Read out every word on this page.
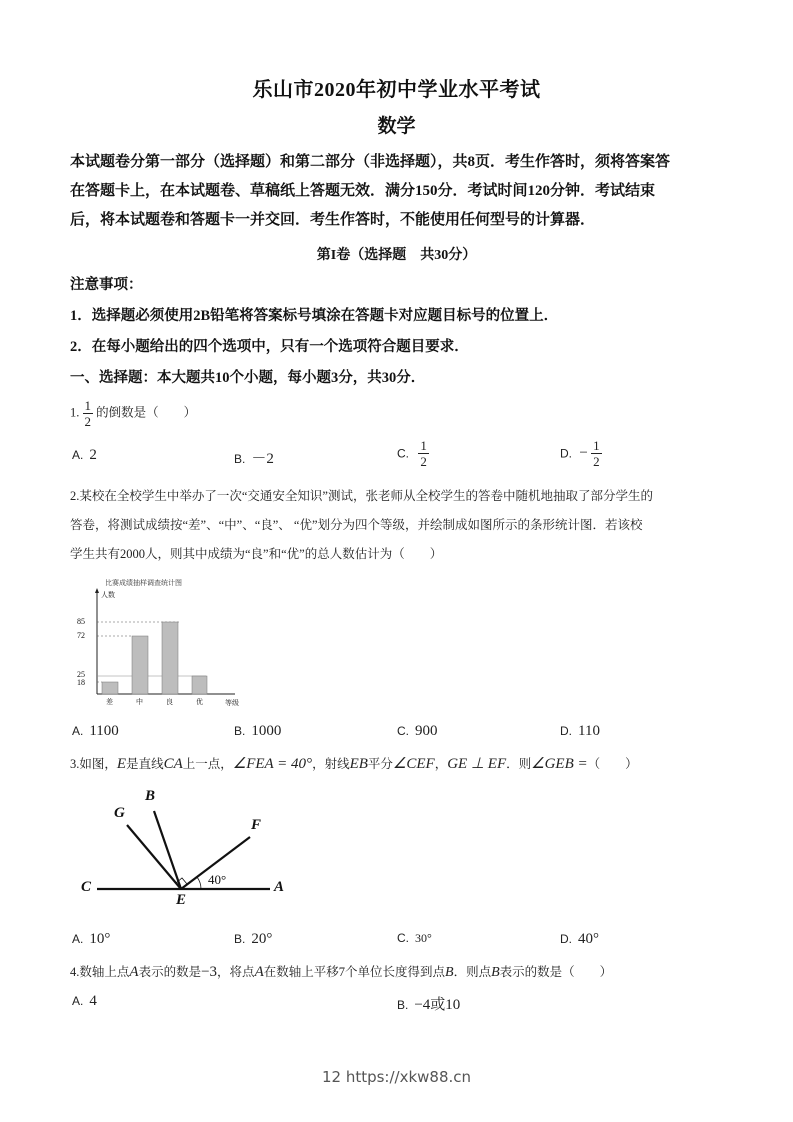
乐山市2020年初中学业水平考试
数学
本试题卷分第一部分（选择题）和第二部分（非选择题），共8页．考生作答时，须将答案答
在答题卡上，在本试题卷、草稿纸上答题无效．满分150分．考试时间120分钟．考试结束
后，将本试题卷和答题卡一并交回．考生作答时，不能使用任何型号的计算器．
第I卷（选择题　共30分）
注意事项：
1．选择题必须使用2B铅笔将答案标号填涂在答题卡对应题目标号的位置上．
2．在每小题给出的四个选项中，只有一个选项符合题目要求．
一、选择题：本大题共10个小题，每小题3分，共30分．
1. $\frac{1}{2}$ 的倒数是（　　）
A. 2	B. －2	C. $\frac{1}{2}$	D. − $\frac{1}{2}$
2.某校在全校学生中举办了一次“交通安全知识”测试，张老师从全校学生的答卷中随机地抽取了部分学生的
答卷，将测试成绩按“差”、“中”、“良”、 “优”划分为四个等级，并绘制成如图所示的条形统计图．若该校
学生共有2000人，则其中成绩为“良”和“优”的总人数估计为（　　）
比赛成绩抽样调查统计图
人数
85
72
25
18
差	中	良	优	等级
A. 1100	B. 1000	C. 900	D. 110
3.如图，E是直线CA上一点，∠FEA = 40°，射线EB平分∠CEF，GE ⊥ EF．则∠GEB =（　　）
G
B
F
C
E
A
40°
A. 10°	B. 20°	C. 30°	D. 40°
4.数轴上点A表示的数是−3，将点A在数轴上平移7个单位长度得到点B．则点B表示的数是（　　）
A. 4	B. −4或10
12 https://xkw88.cn
